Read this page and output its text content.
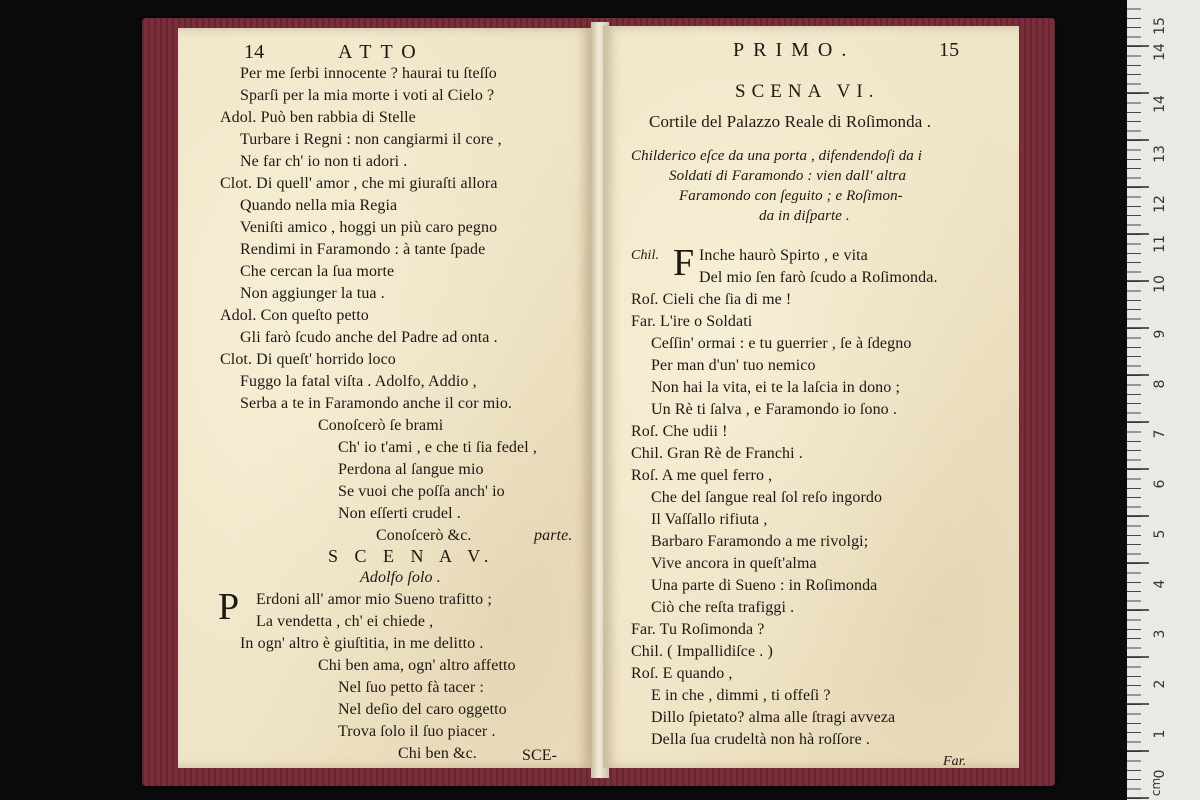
14	ATTO
Per me ſerbi innocente ? haurai tu ſteſſo
Sparſi per la mia morte i voti al Cielo ?
Adol. Può ben rabbia di Stelle
Turbare i Regni : non cangiarmi il core ,
Ne far ch' io non ti adori .
Clot. Di quell' amor , che mi giuraſti allora
Quando nella mia Regia
Veniſti amico , hoggi un più caro pegno
Rendimi in Faramondo : à tante ſpade
Che cercan la ſua morte
Non aggiunger la tua .
Adol. Con queſto petto
Gli farò ſcudo anche del Padre ad onta .
Clot. Di queſt' horrido loco
Fuggo la fatal viſta . Adolfo, Addio ,
Serba a te in Faramondo anche il cor mio.
Conoſcerò ſe brami
Ch' io t'ami , e che ti ſia fedel ,
Perdona al ſangue mio
Se vuoi che poſſa anch' io
Non eſſerti crudel .
Conoſcerò &c.	parte.
S C E N A V.
Adolfo ſolo .
P Erdoni all' amor mio Sueno trafitto ;
La vendetta , ch' ei chiede ,
In ogn' altro è giuſtitia, in me delitto .
Chi ben ama, ogn' altro affetto
Nel ſuo petto fà tacer :
Nel deſio del caro oggetto
Trova ſolo il ſuo piacer .
Chi ben &c.	SCE-
PRIMO.	15
SCENA VI.
Cortile del Palazzo Reale di Roſimonda .
Childerico eſce da una porta , difendendoſi da i
Soldati di Faramondo : vien dall' altra
Faramondo con ſeguito ; e Roſimon-
da in diſparte .
Chil. F Inche haurò Spirto , e vita
Del mio ſen farò ſcudo a Roſimonda.
Roſ. Cieli che ſia di me !
Far. L'ire o Soldati
Ceſſin' ormai : e tu guerrier , ſe à ſdegno
Per man d'un' tuo nemico
Non hai la vita, ei te la laſcia in dono ;
Un Rè ti ſalva , e Faramondo io ſono .
Roſ. Che udii !
Chil. Gran Rè de Franchi .
Roſ. A me quel ferro ,
Che del ſangue real ſol reſo ingordo
Il Vaſſallo rifiuta ,
Barbaro Faramondo a me rivolgi;
Vive ancora in queſt'alma
Una parte di Sueno : in Roſimonda
Ciò che reſta trafiggi .
Far. Tu Roſimonda ?
Chil. ( Impallidiſce . )
Roſ. E quando ,
E in che , dimmi , ti offeſi ?
Dillo ſpietato? alma alle ſtragi avveza
Della ſua crudeltà non hà roſſore .
Far.
15
14
14
13
12
11
10
9
8
7
6
5
4
3
2
1
0
cm
